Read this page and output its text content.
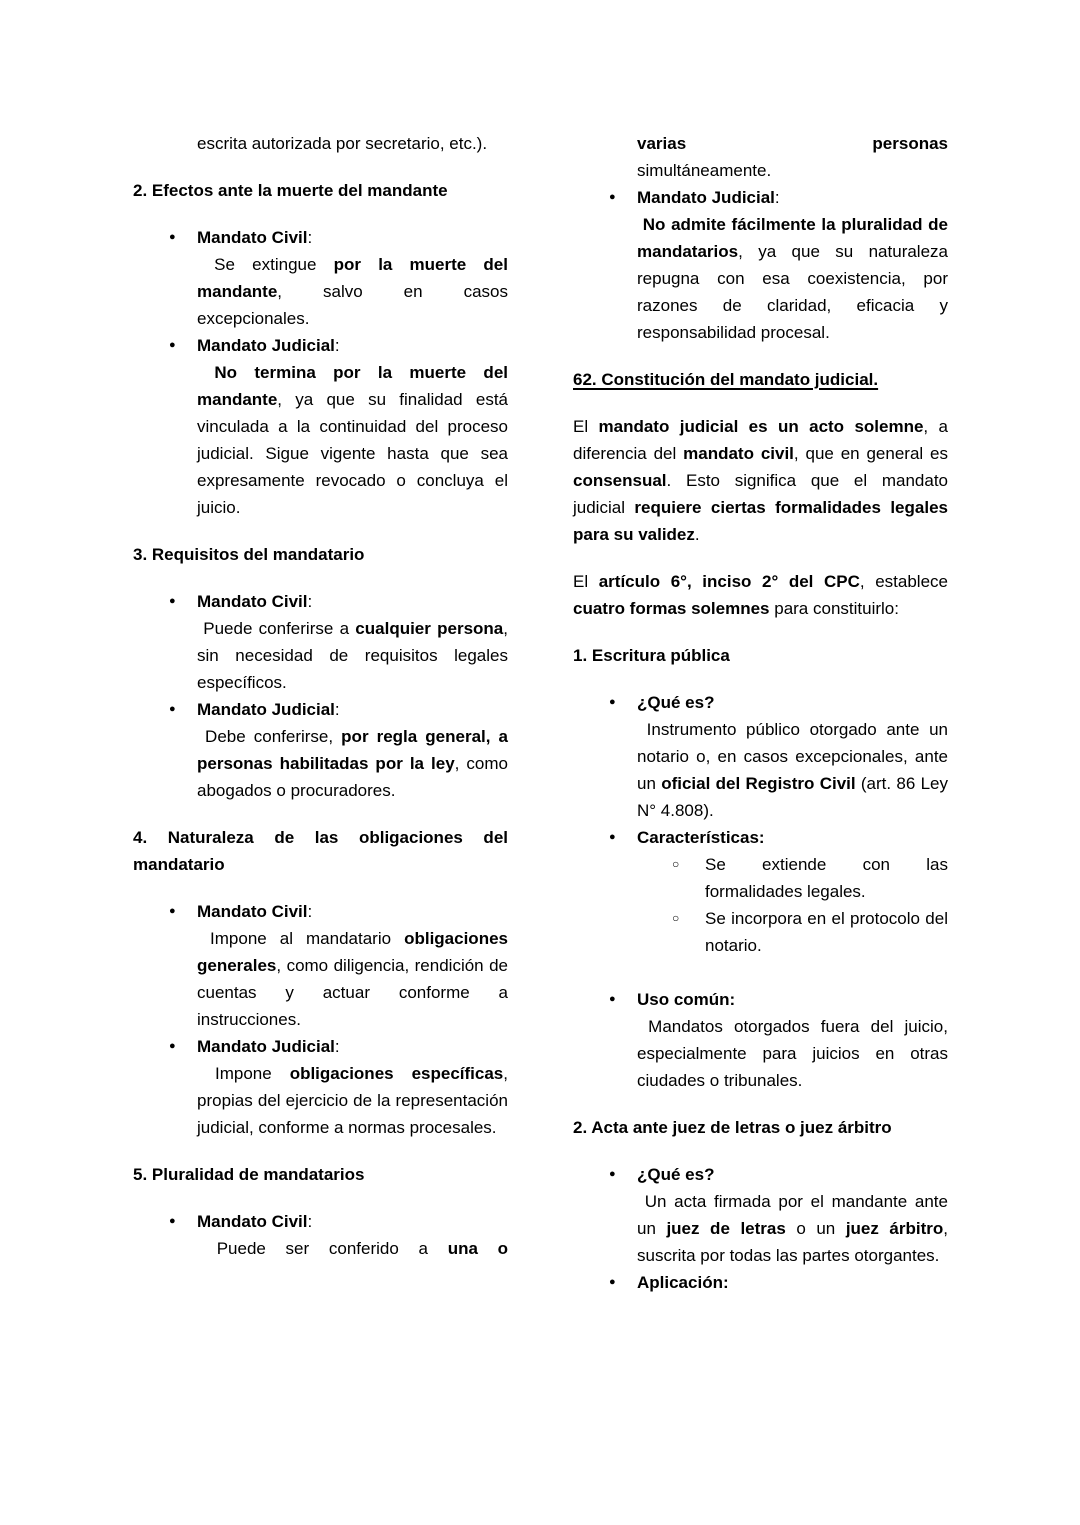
escrita autorizada por secretario, etc.).

2. Efectos ante la muerte del mandante

● Mandato Civil:

Se extingue por la muerte del mandante, salvo en casos excepcionales.

● Mandato Judicial:

No termina por la muerte del mandante, ya que su finalidad está vinculada a la continuidad del proceso judicial. Sigue vigente hasta que sea expresamente revocado o concluya el juicio.

3. Requisitos del mandatario

● Mandato Civil:

Puede conferirse a cualquier persona, sin necesidad de requisitos legales específicos.

● Mandato Judicial:

Debe conferirse, por regla general, a personas habilitadas por la ley, como abogados o procuradores.

4. Naturaleza de las obligaciones del mandatario

● Mandato Civil:

Impone al mandatario obligaciones generales, como diligencia, rendición de cuentas y actuar conforme a instrucciones.

● Mandato Judicial:

Impone obligaciones específicas, propias del ejercicio de la representación judicial, conforme a normas procesales.

5. Pluralidad de mandatarios

● Mandato Civil:

Puede ser conferido a una o

varias personas

simultáneamente.

● Mandato Judicial:

No admite fácilmente la pluralidad de mandatarios, ya que su naturaleza repugna con esa coexistencia, por razones de claridad, eficacia y responsabilidad procesal.

62. Constitución del mandato judicial.

El mandato judicial es un acto solemne, a diferencia del mandato civil, que en general es consensual. Esto significa que el mandato judicial requiere ciertas formalidades legales para su validez.

El artículo 6°, inciso 2° del CPC, establece cuatro formas solemnes para constituirlo:

1. Escritura pública

● ¿Qué es?

Instrumento público otorgado ante un notario o, en casos excepcionales, ante un oficial del Registro Civil (art. 86 Ley N° 4.808).

● Características:

○ Se extiende con las formalidades legales.

○ Se incorpora en el protocolo del notario.

● Uso común:

Mandatos otorgados fuera del juicio, especialmente para juicios en otras ciudades o tribunales.

2. Acta ante juez de letras o juez árbitro

● ¿Qué es?

Un acta firmada por el mandante ante un juez de letras o un juez árbitro, suscrita por todas las partes otorgantes.

● Aplicación:
